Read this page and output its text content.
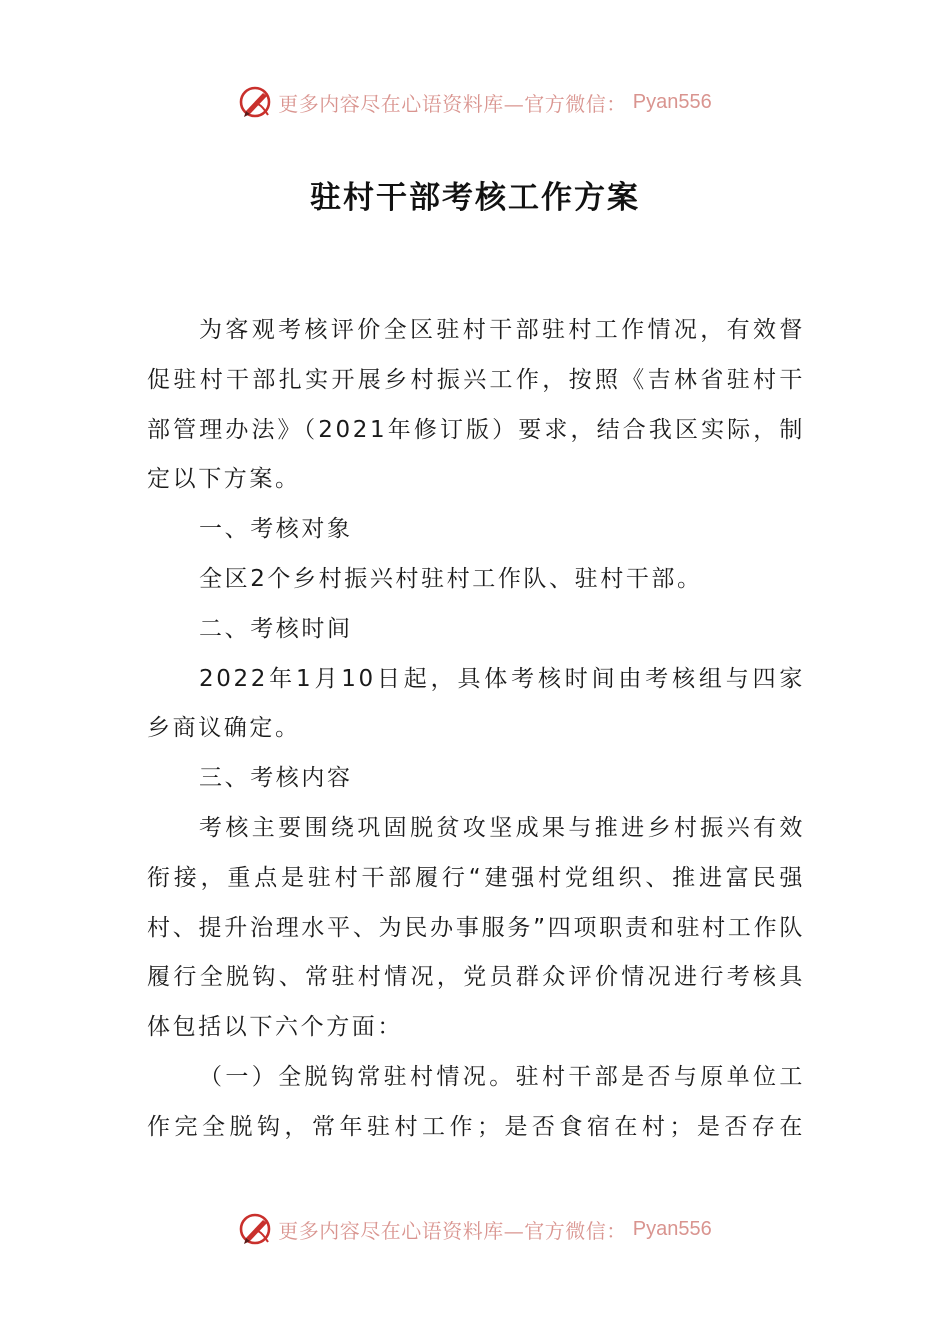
更多内容尽在心语资料库—官方微信： Pyan556
驻村干部考核工作方案

为客观考核评价全区驻村干部驻村工作情况，有效督促驻村干部扎实开展乡村振兴工作，按照《吉林省驻村干部管理办法》（2021年修订版）要求，结合我区实际，制定以下方案。

一、考核对象

全区2个乡村振兴村驻村工作队、驻村干部。

二、考核时间

2022年1月10日起，具体考核时间由考核组与四家乡商议确定。

三、考核内容

考核主要围绕巩固脱贫攻坚成果与推进乡村振兴有效衔接，重点是驻村干部履行“建强村党组织、推进富民强村、提升治理水平、为民办事服务”四项职责和驻村工作队履行全脱钩、常驻村情况，党员群众评价情况进行考核具体包括以下六个方面：

（一）全脱钩常驻村情况。驻村干部是否与原单位工作完全脱钩，常年驻村工作；是否食宿在村；是否存在

更多内容尽在心语资料库—官方微信： Pyan556
